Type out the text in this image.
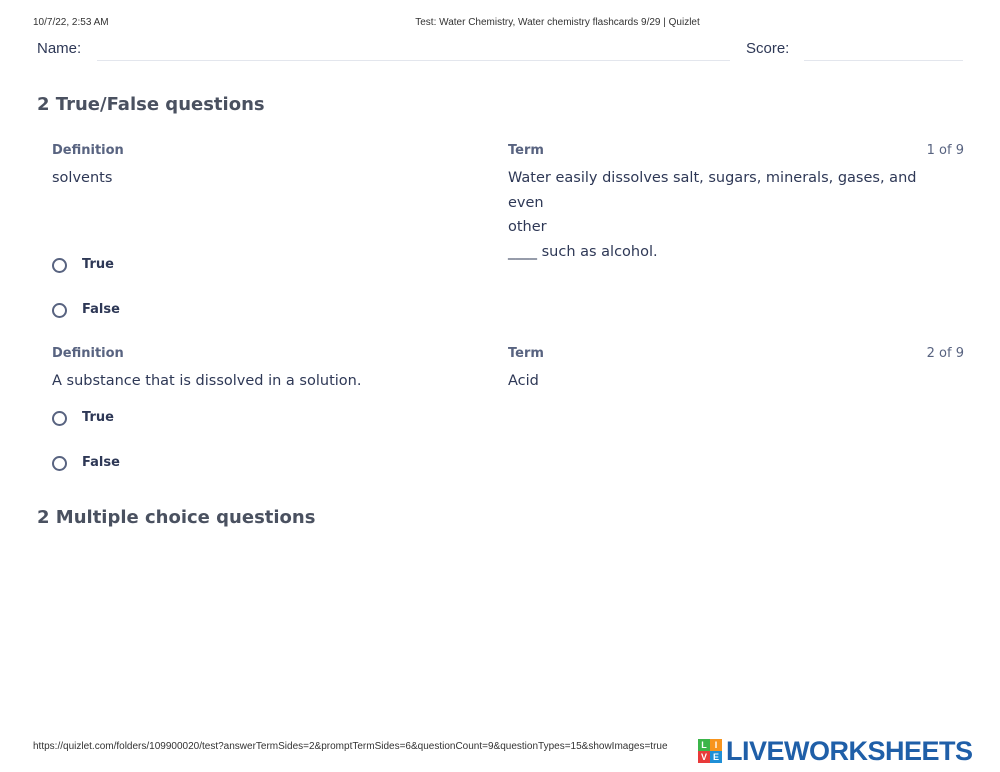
10/7/22, 2:53 AM	Test: Water Chemistry, Water chemistry flashcards 9/29 | Quizlet
Name:	Score:
2 True/False questions
Definition	Term	1 of 9
solvents	Water easily dissolves salt, sugars, minerals, gases, and even
other
____ such as alcohol.
True
False
Definition	Term	2 of 9
A substance that is dissolved in a solution.	Acid
True
False
2 Multiple choice questions
https://quizlet.com/folders/109900020/test?answerTermSides=2&promptTermSides=6&questionCount=9&questionTypes=15&showImages=true	L I
V E LIVEWORKSHEETS
